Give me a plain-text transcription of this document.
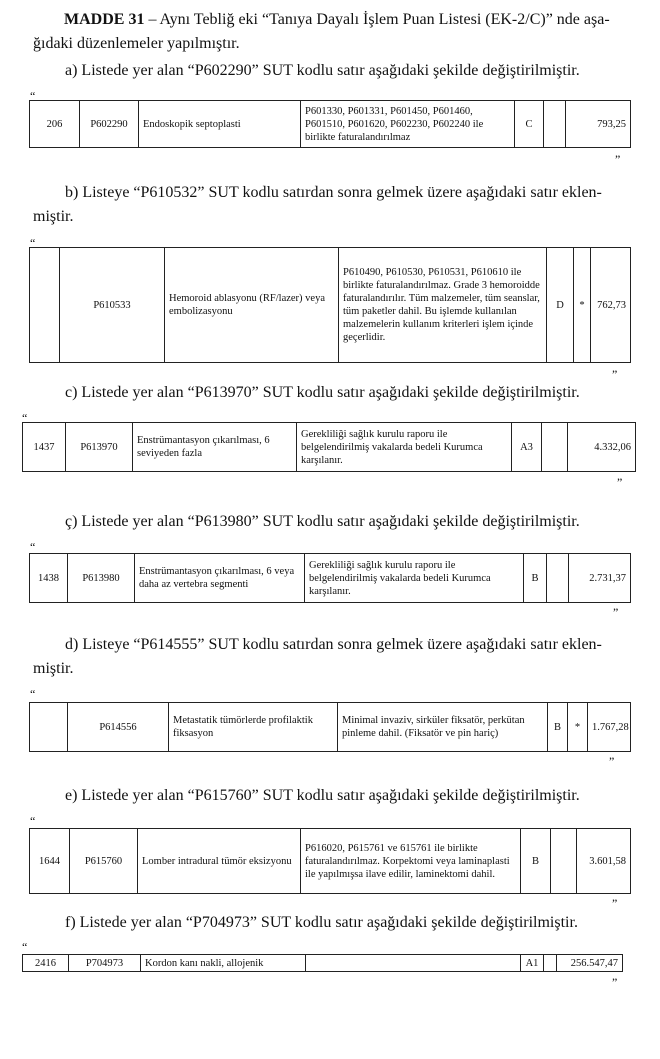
MADDE 31 – Aynı Tebliğ eki “Tanıya Dayalı İşlem Puan Listesi (EK-2/C)” nde aşa-
ğıdaki düzenlemeler yapılmıştır.
a) Listede yer alan “P602290” SUT kodlu satır aşağıdaki şekilde değiştirilmiştir.
“
206	P602290	Endoskopik septoplasti	P601330, P601331, P601450, P601460, P601510, P601620, P602230, P602240 ile birlikte faturalandırılmaz	C		793,25
”
b) Listeye “P610532” SUT kodlu satırdan sonra gelmek üzere aşağıdaki satır eklen-
miştir.
“
	P610533	Hemoroid ablasyonu (RF/lazer) veya embolizasyonu	P610490, P610530, P610531, P610610 ile birlikte faturalandırılmaz. Grade 3 hemoroidde faturalandırılır. Tüm malzemeler, tüm seanslar, tüm paketler dahil. Bu işlemde kullanılan malzemelerin kullanım kriterleri işlem içinde geçerlidir.	D	*	762,73
”
c) Listede yer alan “P613970” SUT kodlu satır aşağıdaki şekilde değiştirilmiştir.
“
1437	P613970	Enstrümantasyon çıkarılması, 6 seviyeden fazla	Gerekliliği sağlık kurulu raporu ile belgelendirilmiş vakalarda bedeli Kurumca karşılanır.	A3		4.332,06
”
ç) Listede yer alan “P613980” SUT kodlu satır aşağıdaki şekilde değiştirilmiştir.
“
1438	P613980	Enstrümantasyon çıkarılması, 6 veya daha az vertebra segmenti	Gerekliliği sağlık kurulu raporu ile belgelendirilmiş vakalarda bedeli Kurumca karşılanır.	B		2.731,37
”
d) Listeye “P614555” SUT kodlu satırdan sonra gelmek üzere aşağıdaki satır eklen-
miştir.
“
	P614556	Metastatik tümörlerde profilaktik fiksasyon	Minimal invaziv, sirküler fiksatör, perkütan pinleme dahil. (Fiksatör ve pin hariç)	B	*	1.767,28
”
e) Listede yer alan “P615760” SUT kodlu satır aşağıdaki şekilde değiştirilmiştir.
“
1644	P615760	Lomber intradural tümör eksizyonu	P616020, P615761 ve 615761 ile birlikte faturalandırılmaz. Korpektomi veya laminaplasti ile yapılmışsa ilave edilir, laminektomi dahil.	B		3.601,58
”
f) Listede yer alan “P704973” SUT kodlu satır aşağıdaki şekilde değiştirilmiştir.
“
2416	P704973	Kordon kanı nakli, allojenik		A1		256.547,47
”
